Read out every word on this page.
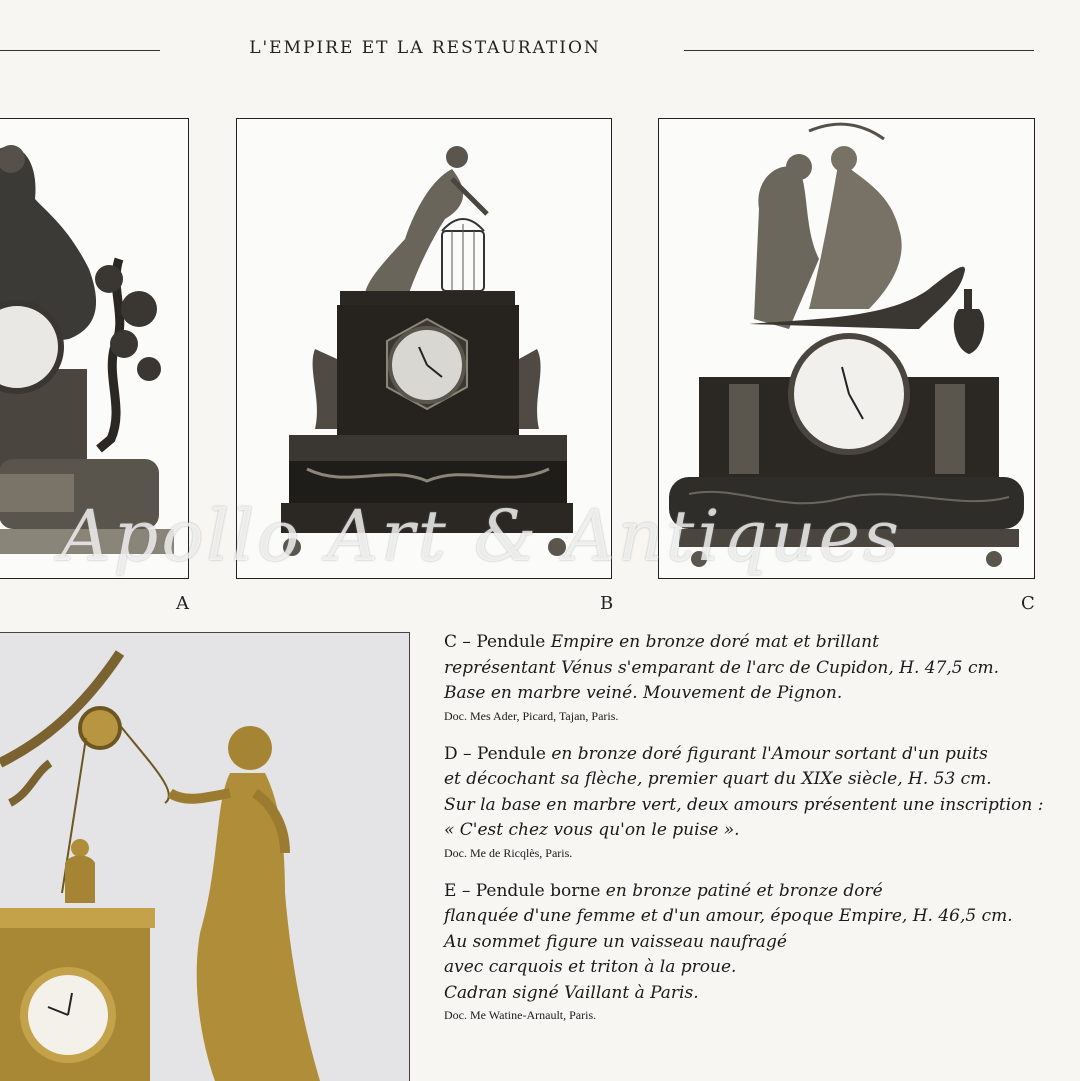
L'EMPIRE ET LA RESTAURATION
A	B	C
Apollo Art & Antiques
C – Pendule Empire en bronze doré mat et brillant
représentant Vénus s'emparant de l'arc de Cupidon, H. 47,5 cm.
Base en marbre veiné. Mouvement de Pignon.
Doc. Mes Ader, Picard, Tajan, Paris.
D – Pendule en bronze doré figurant l'Amour sortant d'un puits
et décochant sa flèche, premier quart du XIXe siècle, H. 53 cm.
Sur la base en marbre vert, deux amours présentent une inscription :
« C'est chez vous qu'on le puise ».
Doc. Me de Ricqlès, Paris.
E – Pendule borne en bronze patiné et bronze doré
flanquée d'une femme et d'un amour, époque Empire, H. 46,5 cm.
Au sommet figure un vaisseau naufragé
avec carquois et triton à la proue.
Cadran signé Vaillant à Paris.
Doc. Me Watine-Arnault, Paris.
